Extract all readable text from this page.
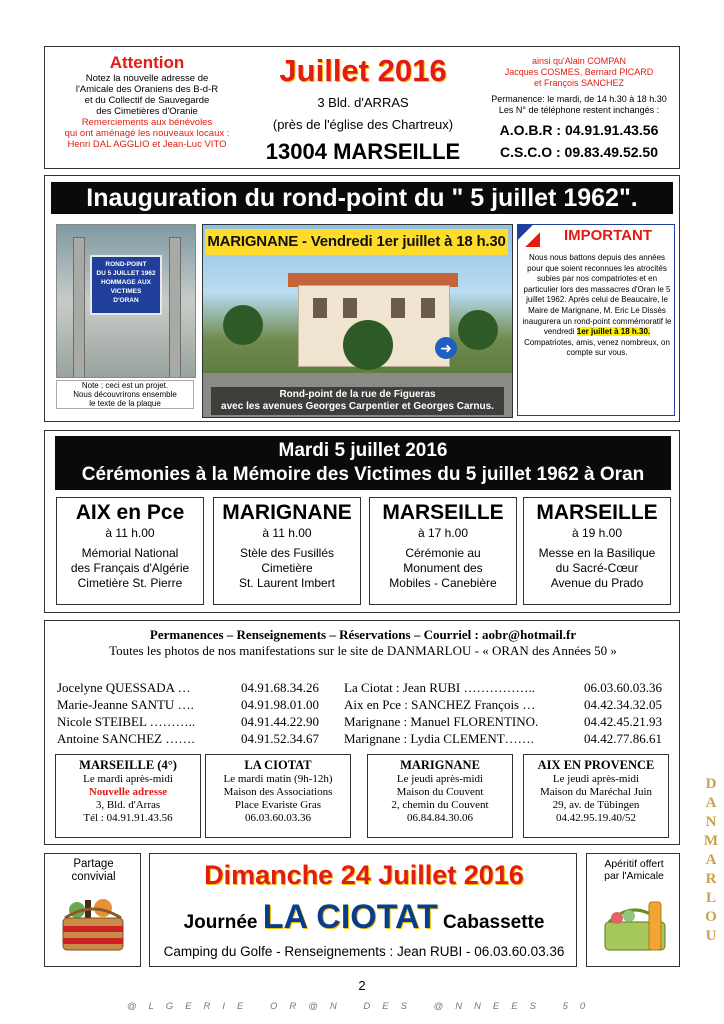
Attention
Notez la nouvelle adresse de
l'Amicale des Oraniens des B-d-R
et du Collectif de Sauvegarde
des Cimetières d'Oranie
Remerciements aux bénévoles
qui ont aménagé les nouveaux locaux :
Henri DAL AGGLIO et Jean-Luc VITO
Juillet 2016
3 Bld. d'ARRAS
(près de l'église des Chartreux)
13004 MARSEILLE
ainsi qu'Alain COMPAN
Jacques COSMES, Bernard PICARD
et François SANCHEZ
Permanence: le mardi, de 14 h.30 à 18 h.30
Les N° de téléphone restent inchangés :
A.O.B.R : 04.91.91.43.56
C.S.C.O : 09.83.49.52.50
Inauguration du rond-point du " 5 juillet 1962".
ROND-POINT
DU 5 JUILLET 1962
HOMMAGE AUX VICTIMES
D'ORAN
Note : ceci est un projet.
Nous découvrirons ensemble
le texte de la plaque
➜
MARIGNANE - Vendredi 1er juillet à 18 h.30
Rond-point de la rue de Figueras
avec les avenues Georges Carpentier et Georges Carnus.
IMPORTANT
Nous nous battons depuis des années pour que soient reconnues les atrocités subies par nos compatriotes et en particulier lors des massacres d'Oran le 5 juillet 1962. Après celui de Beaucaire, le Maire de Marignane, M. Eric Le Dissès inaugurera un rond-point commémoratif le vendredi 1er juillet à 18 h.30. Compatriotes, amis, venez nombreux, on compte sur vous.
Mardi 5 juillet 2016
Cérémonies à la Mémoire des Victimes du 5 juillet 1962 à Oran
AIX en Pce
à 11 h.00
Mémorial National
des Français d'Algérie
Cimetière St. Pierre
MARIGNANE
à 11 h.00
Stèle des Fusillés
Cimetière
St. Laurent Imbert
MARSEILLE
à 17 h.00
Cérémonie au
Monument des
Mobiles - Canebière
MARSEILLE
à 19 h.00
Messe en la Basilique
du Sacré-Cœur
Avenue du Prado
Permanences – Renseignements – Réservations – Courriel : aobr@hotmail.fr
Toutes les photos de nos manifestations sur le site de DANMARLOU - « ORAN des Années 50 »
Jocelyne QUESSADA …
Marie-Jeanne SANTU ….
Nicole STEIBEL ………..
Antoine SANCHEZ …….
04.91.68.34.26
04.91.98.01.00
04.91.44.22.90
04.91.52.34.67
La Ciotat : Jean RUBI ……………..
Aix en Pce : SANCHEZ François …
Marignane : Manuel FLORENTINO.
Marignane : Lydia CLEMENT…….
06.03.60.03.36
04.42.34.32.05
04.42.45.21.93
04.42.77.86.61
MARSEILLE (4°)
Le mardi après-midi
Nouvelle adresse
3, Bld. d'Arras
Tél : 04.91.91.43.56
LA CIOTAT
Le mardi matin (9h-12h)
Maison des Associations
Place Evariste Gras
06.03.60.03.36
MARIGNANE
Le jeudi après-midi
Maison du Couvent
2, chemin du Couvent
06.84.84.30.06
AIX EN PROVENCE
Le jeudi après-midi
Maison du Maréchal Juin
29, av. de Tübingen
04.42.95.19.40/52
Partage
convivial	Dimanche 24 Juillet 2016
Journée LA CIOTAT Cabassette
Camping du Golfe - Renseignements : Jean RUBI - 06.03.60.03.36
Apéritif offert
par l'Amicale
D
A
N
M
A
R
L
O
U
2
@LGERIE OR@N DES @NNEES 50
